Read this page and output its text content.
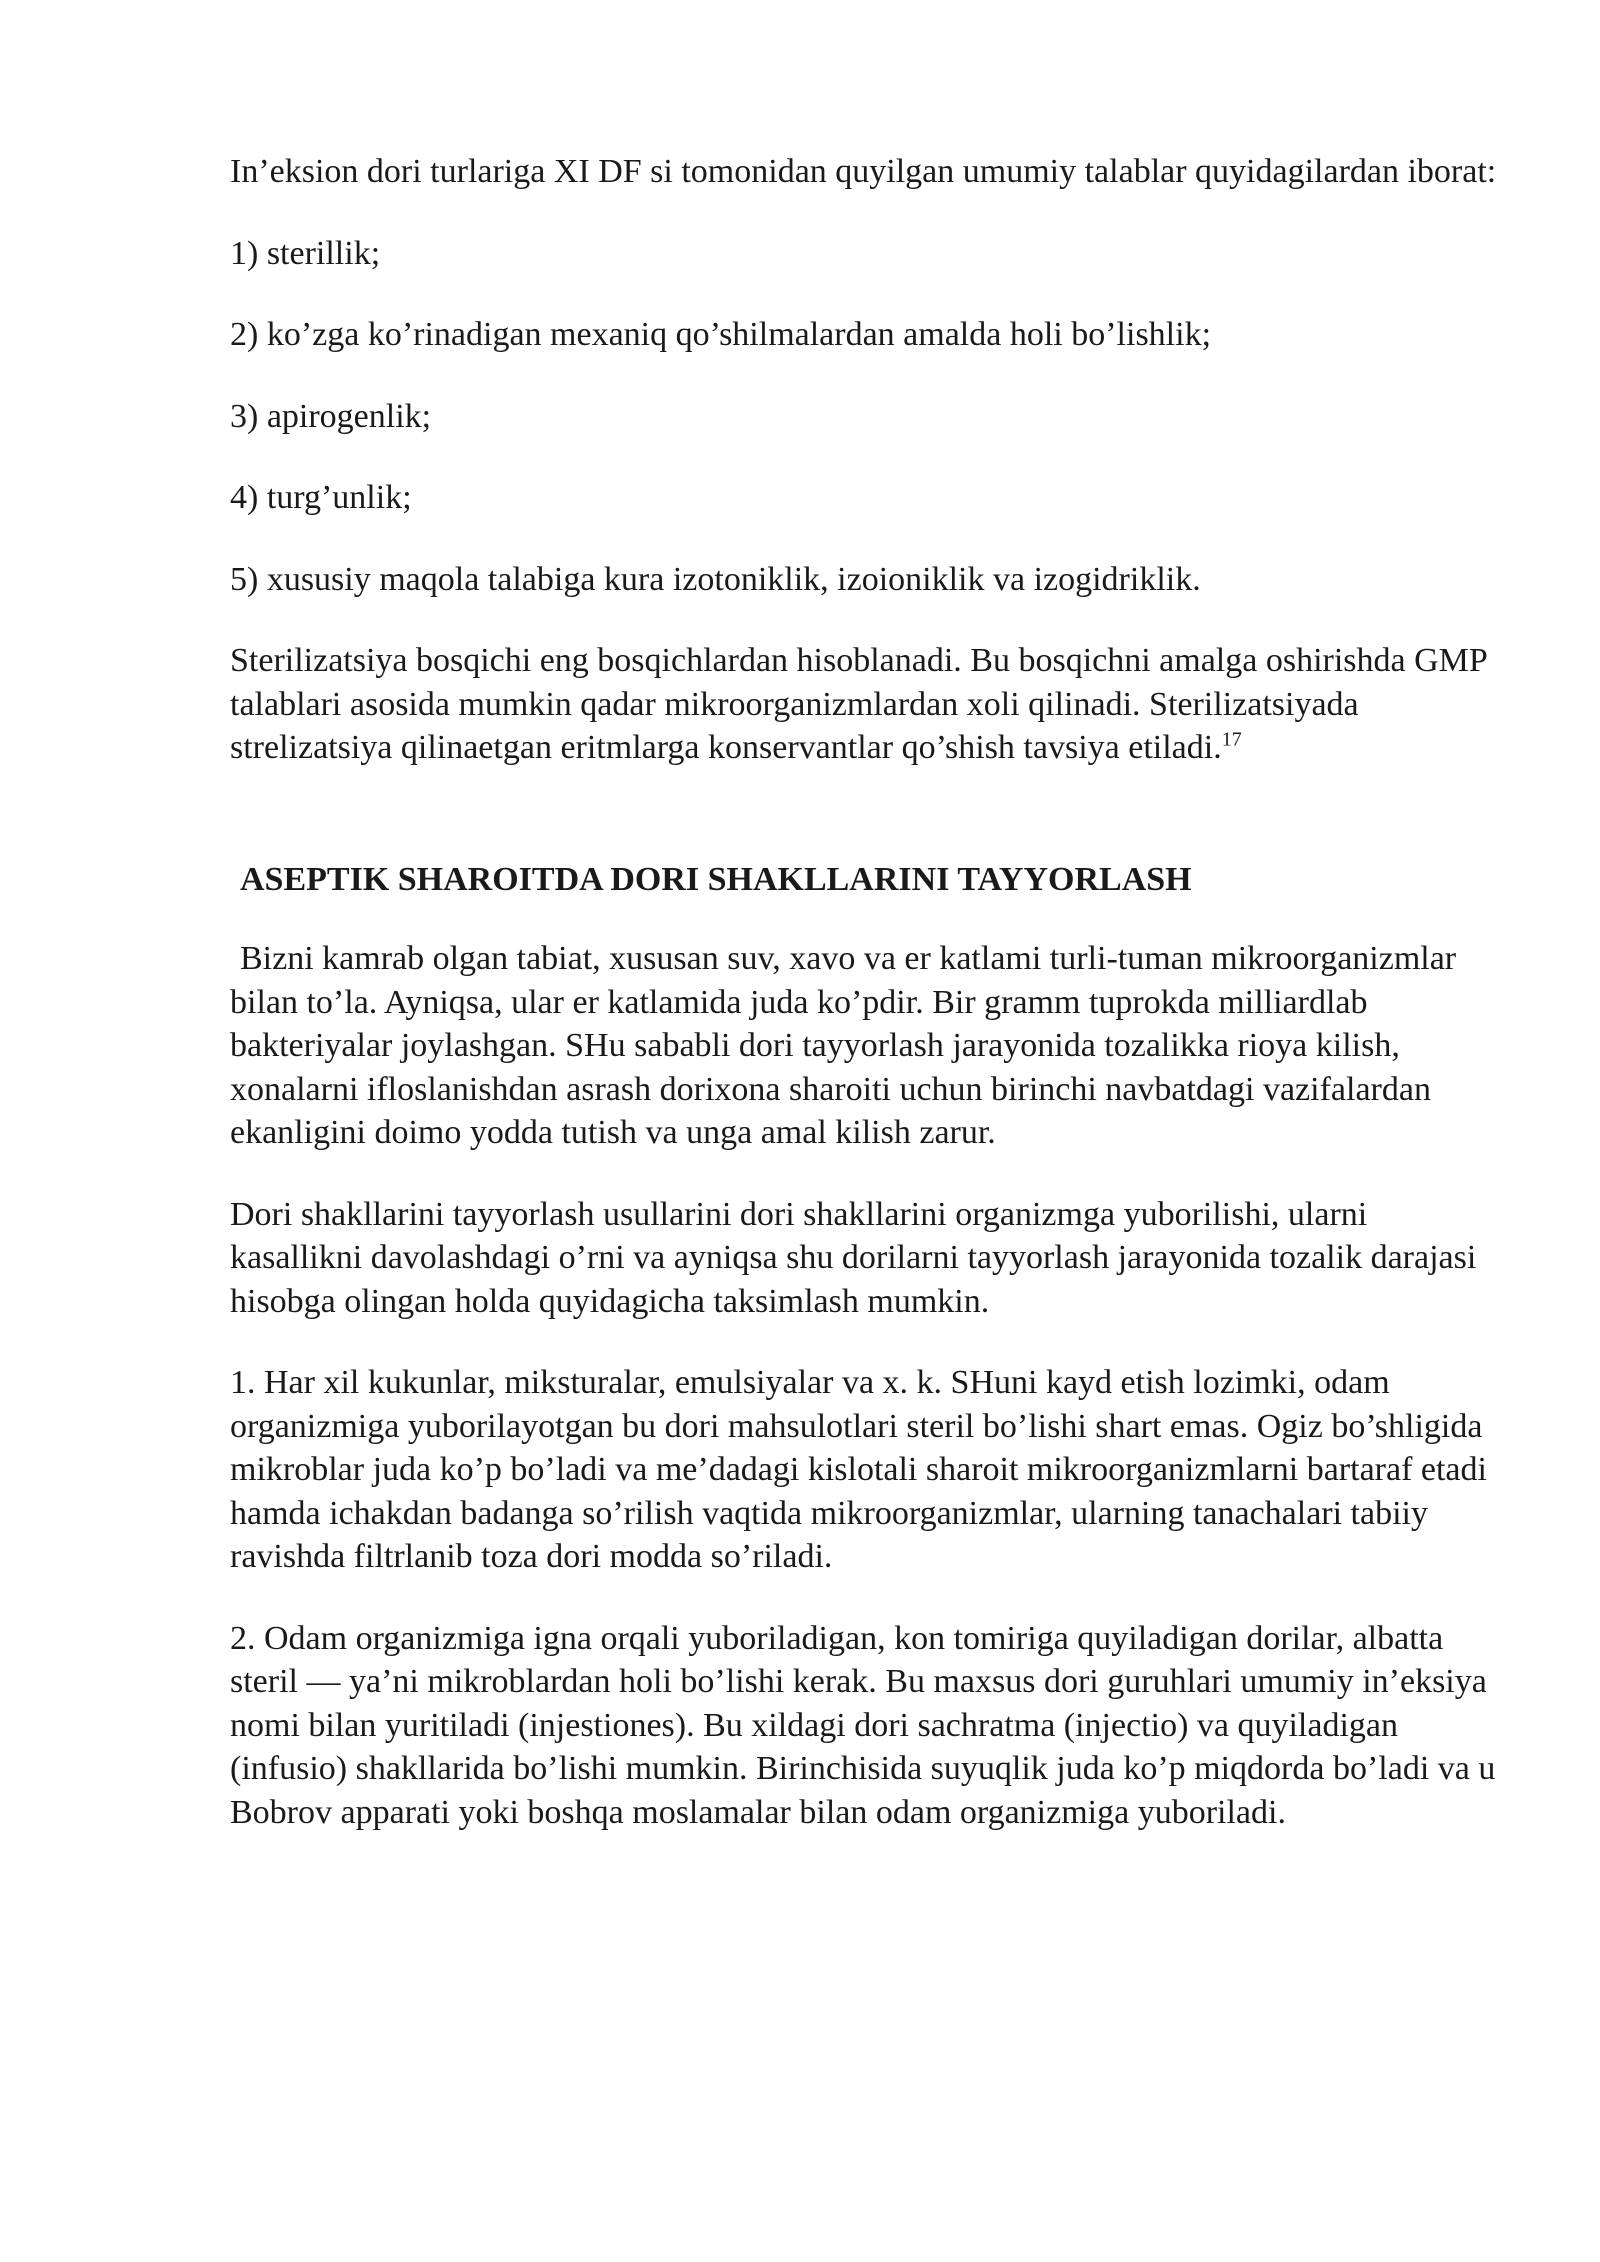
In’eksion dori turlariga XI DF si tomonidan quyilgan umumiy talablar quyidagilardan iborat:

1) sterillik;

2) ko’zga ko’rinadigan mexaniq qo’shilmalardan amalda holi bo’lishlik;

3) apirogenlik;

4) turg’unlik;

5) xususiy maqola talabiga kura izotoniklik, izoioniklik va izogidriklik.

Sterilizatsiya bosqichi eng bosqichlardan hisoblanadi. Bu bosqichni amalga oshirishda GMP talablari asosida mumkin qadar mikroorganizmlardan xoli qilinadi. Sterilizatsiyada strelizatsiya qilinaetgan eritmlarga konservantlar qo’shish tavsiya etiladi.$^{17}$

ASEPTIK SHAROITDA DORI SHAKLLARINI TAYYORLASH

Bizni kamrab olgan tabiat, xususan suv, xavo va er katlami turli-tuman mikroorganizmlar bilan to’la. Ayniqsa, ular er katlamida juda ko’pdir. Bir gramm tuprokda milliardlab bakteriyalar joylashgan. SHu sababli dori tayyorlash jarayonida tozalikka rioya kilish, xonalarni ifloslanishdan asrash dorixona sharoiti uchun birinchi navbatdagi vazifalardan ekanligini doimo yodda tutish va unga amal kilish zarur.

Dori shakllarini tayyorlash usullarini dori shakllarini organizmga yuborilishi, ularni kasallikni davolashdagi o’rni va ayniqsa shu dorilarni tayyorlash jarayonida tozalik darajasi hisobga olingan holda quyidagicha taksimlash mumkin.

1. Har xil kukunlar, miksturalar, emulsiyalar va x. k. SHuni kayd etish lozimki, odam organizmiga yuborilayotgan bu dori mahsulotlari steril bo’lishi shart emas. Ogiz bo’shligida mikroblar juda ko’p bo’ladi va me’dadagi kislotali sharoit mikroorganizmlarni bartaraf etadi hamda ichakdan badanga so’rilish vaqtida mikroorganizmlar, ularning tanachalari tabiiy ravishda filtrlanib toza dori modda so’riladi.

2. Odam organizmiga igna orqali yuboriladigan, kon tomiriga quyiladigan dorilar, albatta steril — ya’ni mikroblardan holi bo’lishi kerak. Bu maxsus dori guruhlari umumiy in’eksiya nomi bilan yuritiladi (injestiones). Bu xildagi dori sachratma (injectio) va quyiladigan (infusio) shakllarida bo’lishi mumkin. Birinchisida suyuqlik juda ko’p miqdorda bo’ladi va u Bobrov apparati yoki boshqa moslamalar bilan odam organizmiga yuboriladi.
